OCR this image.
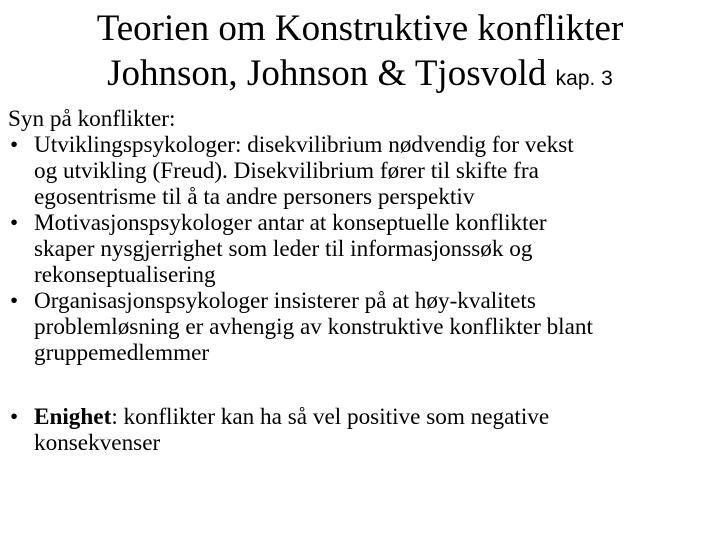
Teorien om Konstruktive konflikter
Johnson, Johnson & Tjosvold kap. 3

Syn på konflikter:

• Utviklingspsykologer: disekvilibrium nødvendig for vekst
og utvikling (Freud). Disekvilibrium fører til skifte fra
egosentrisme til å ta andre personers perspektiv
• Motivasjonspsykologer antar at konseptuelle konflikter
skaper nysgjerrighet som leder til informasjonssøk og
rekonseptualisering
• Organisasjonspsykologer insisterer på at høy-kvalitets
problemløsning er avhengig av konstruktive konflikter blant
gruppemedlemmer
• Enighet: konflikter kan ha så vel positive som negative
konsekvenser
